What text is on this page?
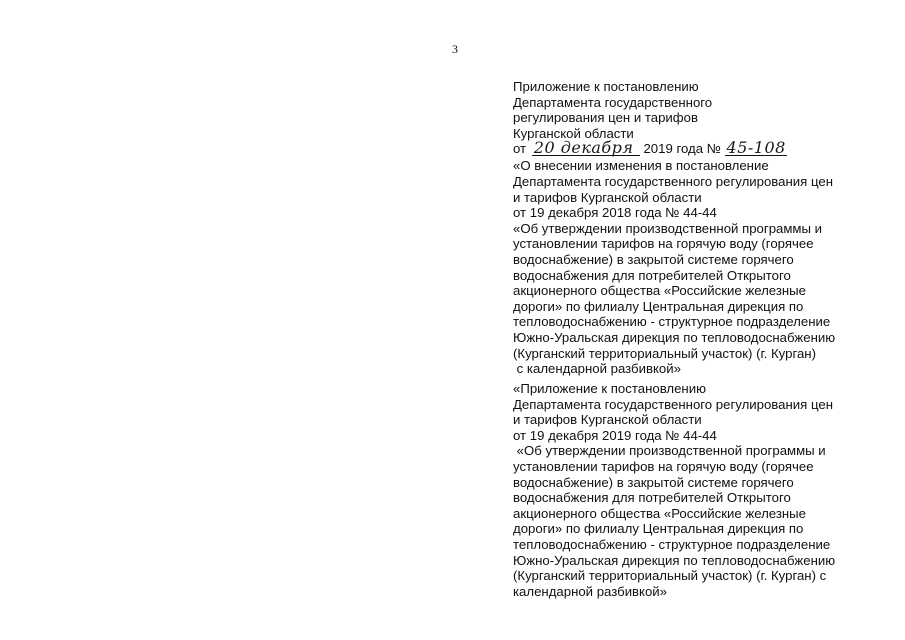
3
Приложение к постановлению
Департамента государственного
регулирования цен и тарифов
Курганской области
от 20 декабря 2019 года № 45-108
«О внесении изменения в постановление
Департамента государственного регулирования цен
и тарифов Курганской области
от 19 декабря 2018 года № 44-44
«Об утверждении производственной программы и
установлении тарифов на горячую воду (горячее
водоснабжение) в закрытой системе горячего
водоснабжения для потребителей Открытого
акционерного общества «Российские железные
дороги» по филиалу Центральная дирекция по
тепловодоснабжению - структурное подразделение
Южно-Уральская дирекция по тепловодоснабжению
(Курганский территориальный участок) (г. Курган)
с календарной разбивкой»
«Приложение к постановлению
Департамента государственного регулирования цен
и тарифов Курганской области
от 19 декабря 2019 года № 44-44
«Об утверждении производственной программы и
установлении тарифов на горячую воду (горячее
водоснабжение) в закрытой системе горячего
водоснабжения для потребителей Открытого
акционерного общества «Российские железные
дороги» по филиалу Центральная дирекция по
тепловодоснабжению - структурное подразделение
Южно-Уральская дирекция по тепловодоснабжению
(Курганский территориальный участок) (г. Курган) с
календарной разбивкой»
